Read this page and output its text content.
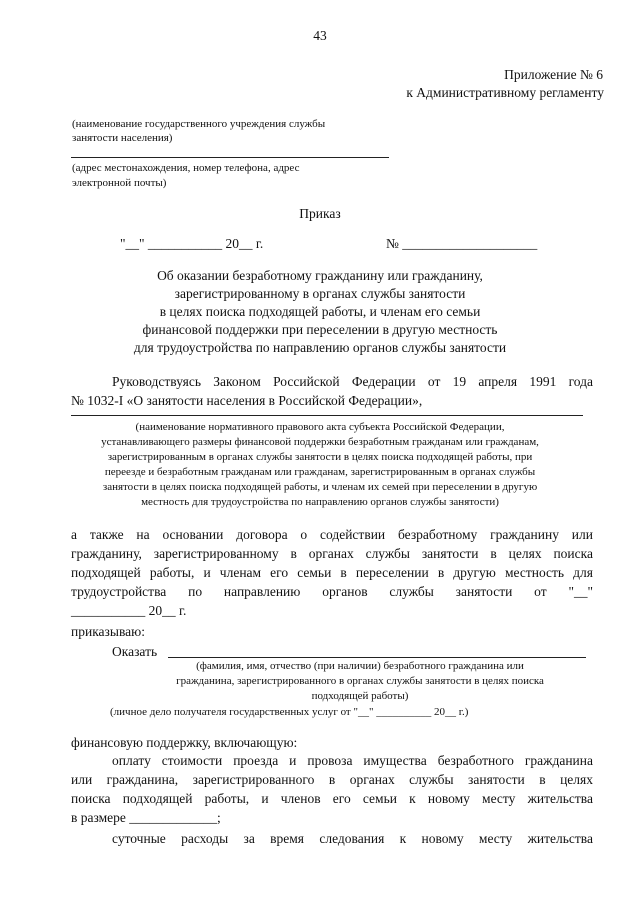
43
Приложение № 6
к Административному регламенту
(наименование государственного учреждения службы
занятости населения)
(адрес местонахождения, номер телефона, адрес
электронной почты)
Приказ
"__" ___________ 20__ г.	№ ____________________
Об оказании безработному гражданину или гражданину,
зарегистрированному в органах службы занятости
в целях поиска подходящей работы, и членам его семьи
финансовой поддержки при переселении в другую местность
для трудоустройства по направлению органов службы занятости
Руководствуясь Законом Российской Федерации от 19 апреля 1991 года
№ 1032-I «О занятости населения в Российской Федерации»,
(наименование нормативного правового акта субъекта Российской Федерации,
устанавливающего размеры финансовой поддержки безработным гражданам или гражданам,
зарегистрированным в органах службы занятости в целях поиска подходящей работы, при
переезде и безработным гражданам или гражданам, зарегистрированным в органах службы
занятости в целях поиска подходящей работы, и членам их семей при переселении в другую
местность для трудоустройства по направлению органов службы занятости)
а также на основании договора о содействии безработному гражданину или
гражданину, зарегистрированному в органах службы занятости в целях поиска
подходящей работы, и членам его семьи в переселении в другую местность для
трудоустройства по направлению органов службы занятости от "__"
___________ 20__ г.
приказываю:
Оказать
(фамилия, имя, отчество (при наличии) безработного гражданина или
гражданина, зарегистрированного в органах службы занятости в целях поиска
подходящей работы)
(личное дело получателя государственных услуг от "__" __________ 20__ г.)
финансовую поддержку, включающую:
оплату стоимости проезда и провоза имущества безработного гражданина
или гражданина, зарегистрированного в органах службы занятости в целях
поиска подходящей работы, и членов его семьи к новому месту жительства
в размере _____________;
суточные расходы за время следования к новому месту жительства
